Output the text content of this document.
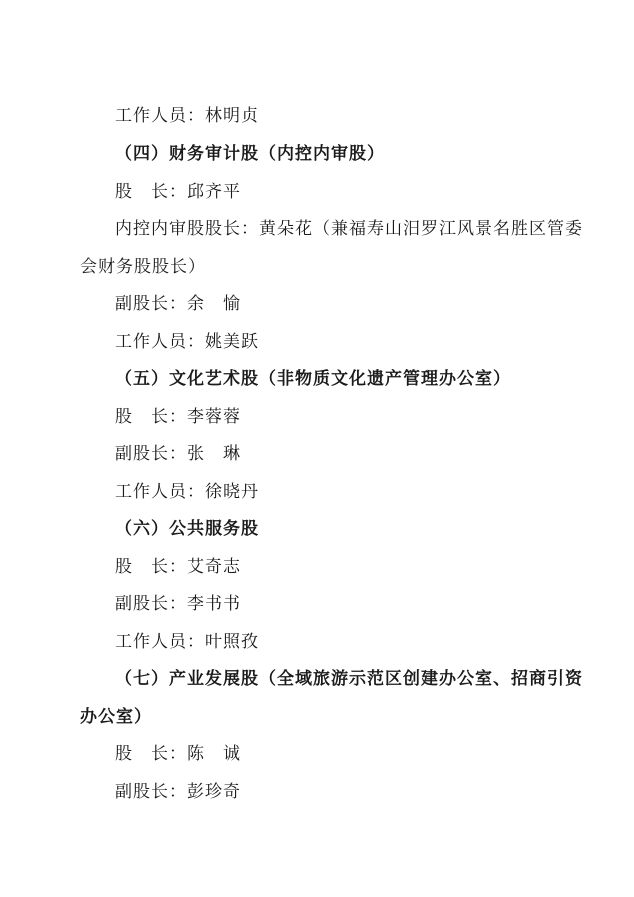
工作人员：林明贞
（四）财务审计股（内控内审股）
股　长：邱齐平
内控内审股股长：黄朵花（兼福寿山汨罗江风景名胜区管委
会财务股股长）
副股长：余　愉
工作人员：姚美跃
（五）文化艺术股（非物质文化遗产管理办公室）
股　长：李蓉蓉
副股长：张　琳
工作人员：徐晓丹
（六）公共服务股
股　长：艾奇志
副股长：李书书
工作人员：叶照孜
（七）产业发展股（全域旅游示范区创建办公室、招商引资
办公室）
股　长：陈　诚
副股长：彭珍奇
